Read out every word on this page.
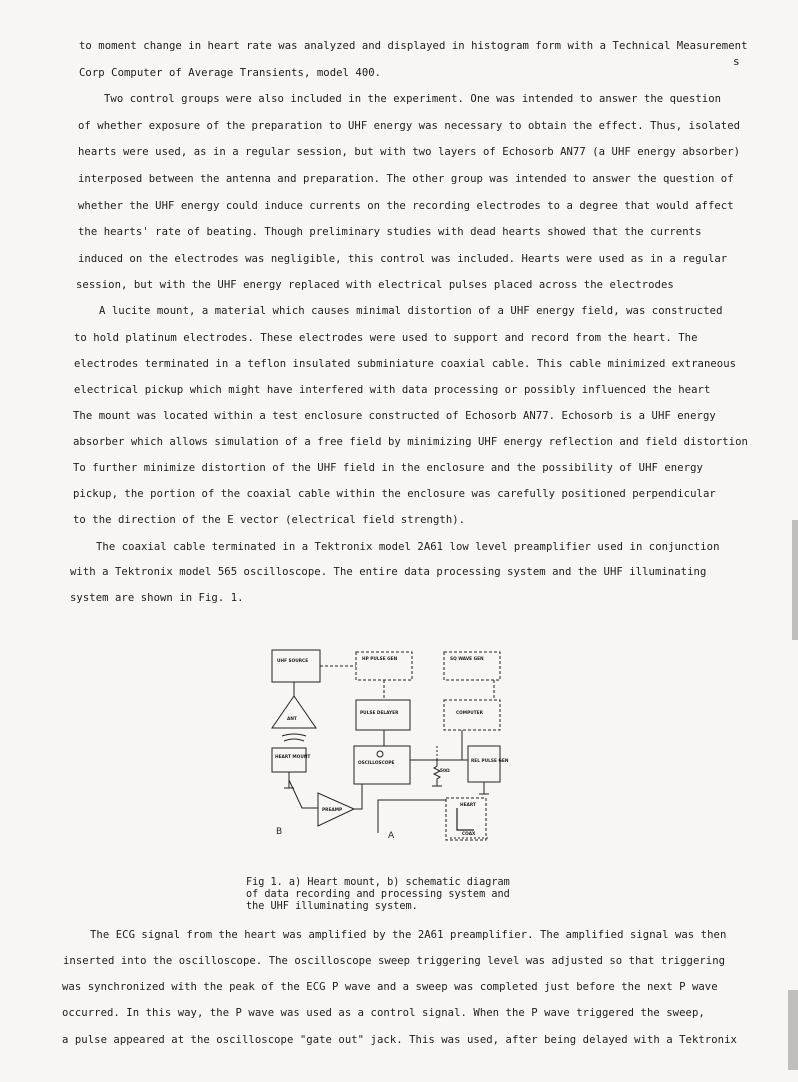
to moment change in heart rate was analyzed and displayed in histogram form with a Technical Measurement
Corp Computer of Average Transients, model 400.
Two control groups were also included in the experiment. One was intended to answer the question
of whether exposure of the preparation to UHF energy was necessary to obtain the effect. Thus, isolated
hearts were used, as in a regular session, but with two layers of Echosorb AN77 (a UHF energy absorber)
interposed between the antenna and preparation. The other group was intended to answer the question of
whether the UHF energy could induce currents on the recording electrodes to a degree that would affect
the hearts' rate of beating. Though preliminary studies with dead hearts showed that the currents
induced on the electrodes was negligible, this control was included. Hearts were used as in a regular
session, but with the UHF energy replaced with electrical pulses placed across the electrodes
A lucite mount, a material which causes minimal distortion of a UHF energy field, was constructed
to hold platinum electrodes. These electrodes were used to support and record from the heart. The
electrodes terminated in a teflon insulated subminiature coaxial cable. This cable minimized extraneous
electrical pickup which might have interfered with data processing or possibly influenced the heart
The mount was located within a test enclosure constructed of Echosorb AN77. Echosorb is a UHF energy
absorber which allows simulation of a free field by minimizing UHF energy reflection and field distortion
To further minimize distortion of the UHF field in the enclosure and the possibility of UHF energy
pickup, the portion of the coaxial cable within the enclosure was carefully positioned perpendicular
to the direction of the E vector (electrical field strength).
The coaxial cable terminated in a Tektronix model 2A61 low level preamplifier used in conjunction
with a Tektronix model 565 oscilloscope. The entire data processing system and the UHF illuminating
system are shown in Fig. 1.
s
UHF SOURCE	HP PULSE GEN	SQ WAVE GEN
ANT
PULSE DELAYER	COMPUTER
HEART MOUNT
OSCILLOSCOPE	REL PULSE GEN
PREAMP
50Ω
COAX
HEART
B	A
Fig 1. a) Heart mount, b) schematic diagram
of data recording and processing system and
the UHF illuminating system.
The ECG signal from the heart was amplified by the 2A61 preamplifier. The amplified signal was then
inserted into the oscilloscope. The oscilloscope sweep triggering level was adjusted so that triggering
was synchronized with the peak of the ECG P wave and a sweep was completed just before the next P wave
occurred. In this way, the P wave was used as a control signal. When the P wave triggered the sweep,
a pulse appeared at the oscilloscope "gate out" jack. This was used, after being delayed with a Tektronix
